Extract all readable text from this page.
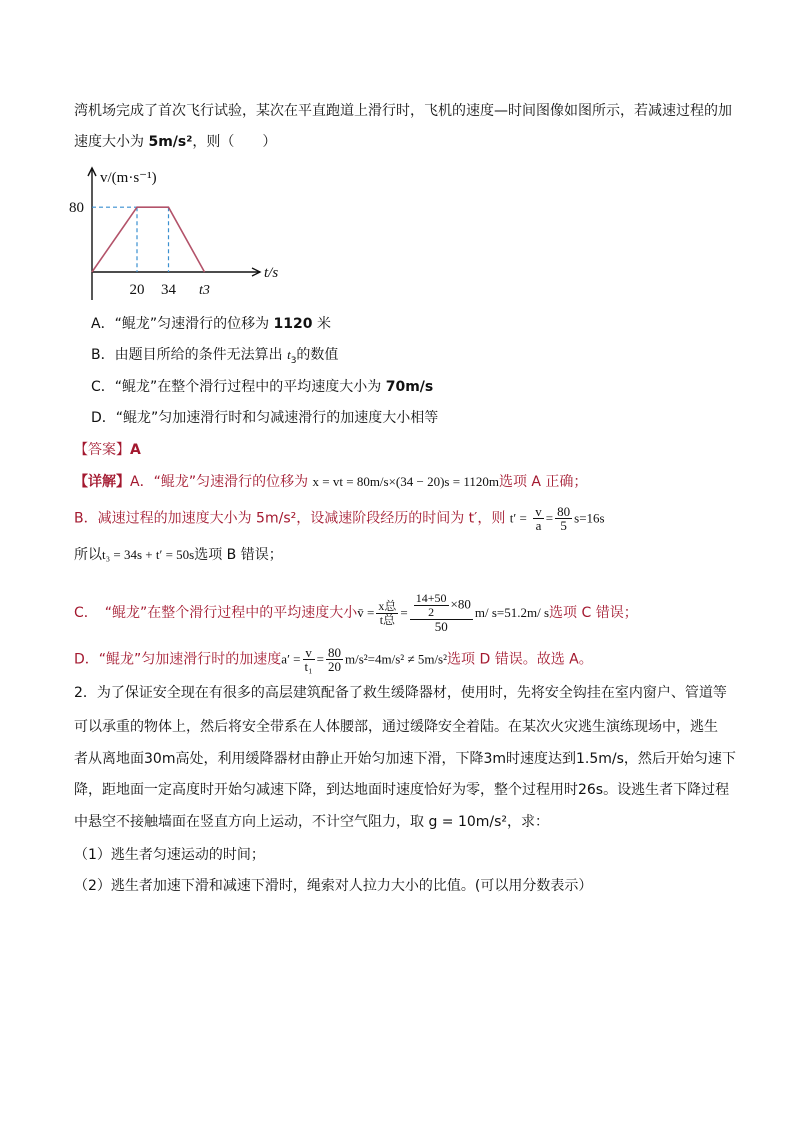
湾机场完成了首次飞行试验，某次在平直跑道上滑行时，飞机的速度—时间图像如图所示，若减速过程的加
速度大小为 5m/s²，则（　　）
v/(m·s⁻¹)
80
t/s
20 34 t3
A．“鲲龙”匀速滑行的位移为 1120 米
B．由题目所给的条件无法算出 $t_3$的数值
C．“鲲龙”在整个滑行过程中的平均速度大小为 70m/s
D．“鲲龙”匀加速滑行时和匀减速滑行的加速度大小相等
【答案】A
【详解】A．“鲲龙”匀速滑行的位移为 x = vt = 80m/s×(34 − 20)s = 1120m选项 A 正确；
B．减速过程的加速度大小为 5m/s²，设减速阶段经历的时间为 t′，则 $t' = \frac{v}{a} = \frac{80}{5} s=16s$
所以t₃ = 34s + t′ = 50s选项 B 错误；
C．　“鲲龙”在整个滑行过程中的平均速度大小v̄ = $\frac{\text{x总}}{\text{t总}} = \frac{\frac{14+50}{2} \times 80}{50} m/$ s=51.2m/ s选项 C 错误；
D．“鲲龙”匀加速滑行时的加速度$a' = \frac{v}{\text{t₁}} = \frac{80}{20} m/s^2=4m/s^2 \ne 5m/s^2$选项 D 错误。故选 A。
2．为了保证安全现在有很多的高层建筑配备了救生缓降器材，使用时，先将安全钩挂在室内窗户、管道等
可以承重的物体上，然后将安全带系在人体腰部，通过缓降安全着陆。在某次火灾逃生演练现场中，逃生
者从离地面30m高处，利用缓降器材由静止开始匀加速下滑，下降3m时速度达到1.5m/s，然后开始匀速下
降，距地面一定高度时开始匀减速下降，到达地面时速度恰好为零，整个过程用时26s。设逃生者下降过程
中悬空不接触墙面在竖直方向上运动，不计空气阻力，取 g = 10m/s²，求：
（1）逃生者匀速运动的时间；
（2）逃生者加速下滑和减速下滑时，绳索对人拉力大小的比值。(可以用分数表示）
